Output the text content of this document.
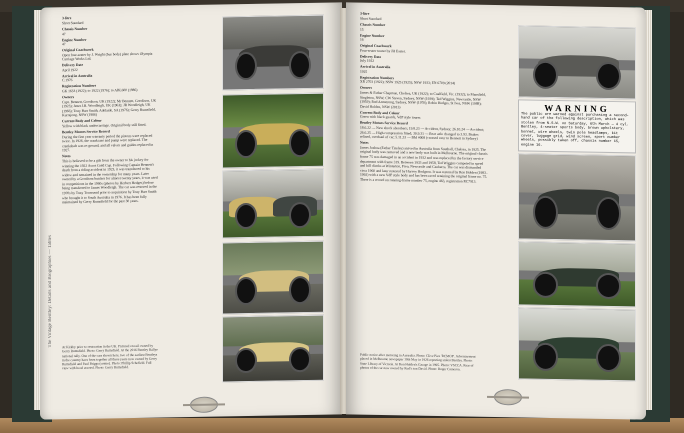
The Vintage Bentley: Details and Biographies — Tables
3-litre
Short Standard
Chassis Number
47
Engine Number
47
Original Coachwork
Open four-seater by J. Wright (bus body) plate shows Olympia Carriage Works Ltd.
Delivery Date
April 1922
Arrival in Australia
C.1976
Registration Numbers
GK 1633 (1922); to 1922 (1976); to ABL600 (1986)
Owners
Capt. Bennett, Goodison, UK (1922); Mr Bennett, Goodison, UK (1923); Jenet J.R. Woodleigh, UK (1963); JR Woodleigh, UK (1966); Tony Barr Smith, Adelaide, SA (1976); Gerry Rumsfield, Kurrajong, NSW (1986)
Current Body and Colour
Yellow with black undercarriage. Original body still fitted.
Bentley Motors Service Record
During the first year warranty period the pistons were replaced twice. In 1926, the crankcase and pump were replaced. The crankshaft was re-ground, and all valves and guides replaced in 1927.
Notes
This is believed to be a gift from the owner to his jockey for winning the 1922 Ascot Gold Cup. Following Captain Bennett's death from a riding accident in 1923, it was transferred to his widow and remained in the ownership for many years. Later owned by a Goodison butcher for almost twenty years, it was used in competitions in the 1960s (photos by Herbert Hedges) before being transferred to James Woodleigh. The car was restored in the 1970s by Tony Townsend prior to acquisition by Tony Barr Smith who brought it to South Australia in 1976. It has been fully maintained by Gerry Rumsfield for the past 30 years.
At Kirkby prior to restoration in the UK. Pictured on rail owned by Gerry Rumsfield. Photo: Gerry Rumsfield. At the 2016 Bentley Rallye national rally. One of the cars shown here, two of the earliest Bentleys in the country have been together all these years now owned by Gerry Rumsfield and Paul Briggs (centre). Photo: Phillip Schofield. Full view with hood erected. Photo: Gerry Rumsfield.
3-litre
Short Standard
Chassis Number
15
Engine Number
16
Original Coachwork
Four-seater tourer by JH Easter.
Delivery Date
July 1922
Arrival in Australia
1925
Registration Numbers
XR 2703 (1922); NSW 1925 (1925); NSW 1933; EN 6709 (2014)
Owners
James & Esther Chapman, Chelsea, UK (1922); to Coalfield, Vic. (1932); to Mansfield, Singleton, NSW; CW Steven, Sydney, NSW (1939); Ted Wiggins, Newcastle, NSW (1959); Rod Armstrong, Sydney, NSW (1970); Robin Hedges, St Ives, NSW (1988); David Holden, NSW (2013)
Current Body and Colour
Green with black guards, VdP style tourer.
Bentley Motors Service Record
18.6.22 — New shock absorbers; 19.8.23 — Accident, Sydney; 26.10.24 — Accident; 26.6.25 — High-compression fitted; 30.9.31 — Rear axle changed to 3.93. Brakes relined, overhaul of car; 5.11.33 — BM #008 (crossed over to Bennett in Sydney)
Notes
James Joshua (Esther Tinsley) arrived in Australia from Southall, Chelsea, in 1925. The original body was removed and a new body was built in Melbourne. The original chassis frame 75 was damaged in an accident in 1932 and was replaced by the factory service department with frame 319. Between 1933 and 1958, Ted Wiggins competed in speed and hill climbs at Winterton, Freo, Newcastle and Canberra. The car was dismantled circa 1960 and later restored by Harvey Hodgson. It was restored by Ron Holden (1983–1992) with a new VdP style body and has been raced retaining the original frame no. 75. There is a record on running-frame number 75, engine 463, registration RC7913.
Public notice after motoring in Australia. Photo: Clive Piez 'RCMOF'. Advertisement placed in Melbourne newspaper 10th May in 1926 reporting stolen Bentley. Photo: State Library of Victoria. At Ron Holden's Garage in 1995. Photo: VSCCA. Rear of photos of the car now owned by Rod's son David. Photo: Roger Cameron.
WARNING
The public are warned against purchasing a second-hand car of the following description, which was stolen from N.S.W. on Saturday, 6th March — 4 cyl. Bentley, 4-seater sports body, brown upholstery, bonnet, wire wheels, twin pole headlamps, kit cover, luggage grid, wind screen, sport number wheels, possibly taken off, chassis number 15, engine 16.
